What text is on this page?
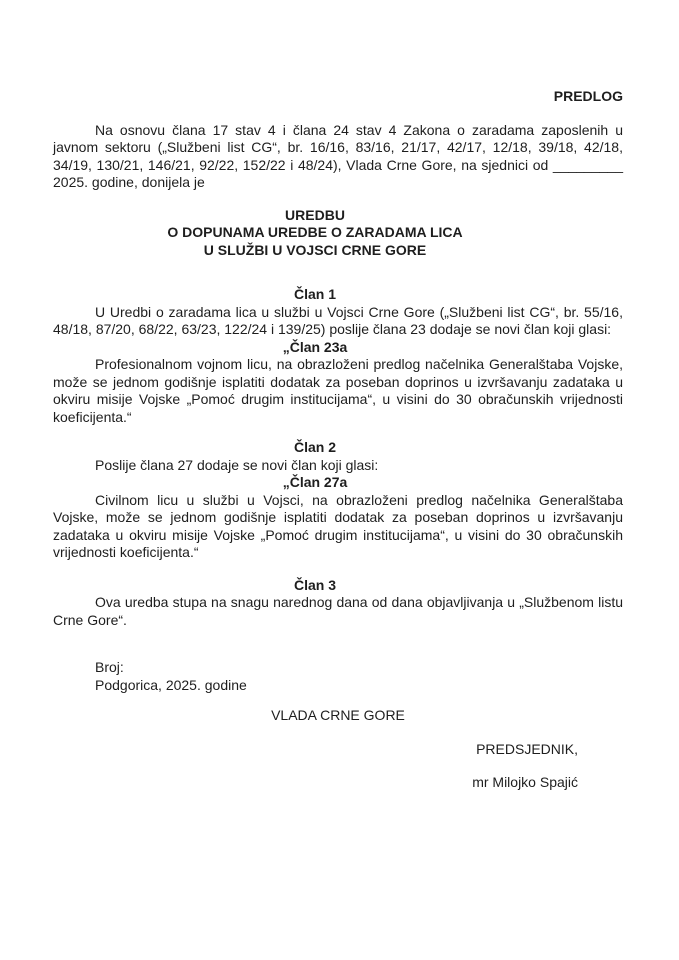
PREDLOG

Na osnovu člana 17 stav 4 i člana 24 stav 4 Zakona o zaradama zaposlenih u javnom sektoru („Službeni list CG“, br. 16/16, 83/16, 21/17, 42/17, 12/18, 39/18, 42/18, 34/19, 130/21, 146/21, 92/22, 152/22 i 48/24), Vlada Crne Gore, na sjednici od _________ 2025. godine, donijela je

UREDBU

O DOPUNAMA UREDBE O ZARADAMA LICA

U SLUŽBI U VOJSCI CRNE GORE

Član 1

U Uredbi o zaradama lica u službi u Vojsci Crne Gore („Službeni list CG“, br. 55/16, 48/18, 87/20, 68/22, 63/23, 122/24 i 139/25) poslije člana 23 dodaje se novi član koji glasi:

„Član 23a

Profesionalnom vojnom licu, na obrazloženi predlog načelnika Generalštaba Vojske, može se jednom godišnje isplatiti dodatak za poseban doprinos u izvršavanju zadataka u okviru misije Vojske „Pomoć drugim institucijama“, u visini do 30 obračunskih vrijednosti koeficijenta.“

Član 2

Poslije člana 27 dodaje se novi član koji glasi:

„Član 27a

Civilnom licu u službi u Vojsci, na obrazloženi predlog načelnika Generalštaba Vojske, može se jednom godišnje isplatiti dodatak za poseban doprinos u izvršavanju zadataka u okviru misije Vojske „Pomoć drugim institucijama“, u visini do 30 obračunskih vrijednosti koeficijenta.“

Član 3

Ova uredba stupa na snagu narednog dana od dana objavljivanja u „Službenom listu Crne Gore“.

Broj:

Podgorica, 2025. godine

VLADA CRNE GORE

PREDSJEDNIK,

mr Milojko Spajić
